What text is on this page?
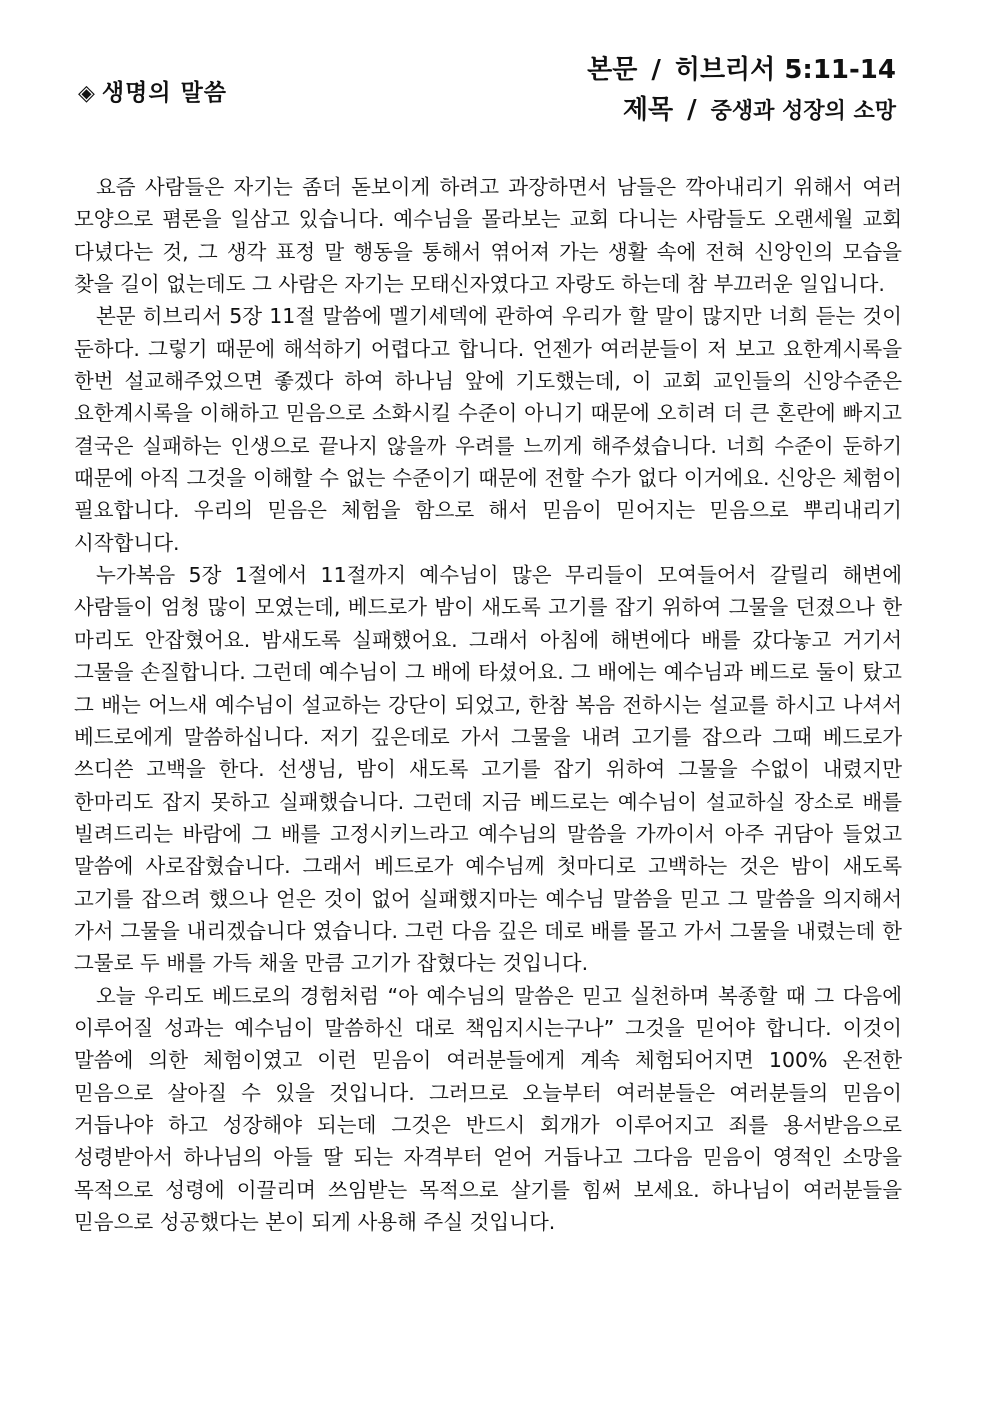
◈ 생명의 말씀
본문 / 히브리서 5:11-14
제목 / 중생과 성장의 소망

요즘 사람들은 자기는 좀더 돋보이게 하려고 과장하면서 남들은 깍아내리기 위해서 여러 모양으로 폄론을 일삼고 있습니다. 예수님을 몰라보는 교회 다니는 사람들도 오랜세월 교회 다녔다는 것, 그 생각 표정 말 행동을 통해서 엮어져 가는 생활 속에 전혀 신앙인의 모습을 찾을 길이 없는데도 그 사람은 자기는 모태신자였다고 자랑도 하는데 참 부끄러운 일입니다.

본문 히브리서 5장 11절 말씀에 멜기세덱에 관하여 우리가 할 말이 많지만 너희 듣는 것이 둔하다. 그렇기 때문에 해석하기 어렵다고 합니다. 언젠가 여러분들이 저 보고 요한계시록을 한번 설교해주었으면 좋겠다 하여 하나님 앞에 기도했는데, 이 교회 교인들의 신앙수준은 요한계시록을 이해하고 믿음으로 소화시킬 수준이 아니기 때문에 오히려 더 큰 혼란에 빠지고 결국은 실패하는 인생으로 끝나지 않을까 우려를 느끼게 해주셨습니다. 너희 수준이 둔하기 때문에 아직 그것을 이해할 수 없는 수준이기 때문에 전할 수가 없다 이거에요. 신앙은 체험이 필요합니다. 우리의 믿음은 체험을 함으로 해서 믿음이 믿어지는 믿음으로 뿌리내리기 시작합니다.

누가복음 5장 1절에서 11절까지 예수님이 많은 무리들이 모여들어서 갈릴리 해변에 사람들이 엄청 많이 모였는데, 베드로가 밤이 새도록 고기를 잡기 위하여 그물을 던졌으나 한 마리도 안잡혔어요. 밤새도록 실패했어요. 그래서 아침에 해변에다 배를 갔다놓고 거기서 그물을 손질합니다. 그런데 예수님이 그 배에 타셨어요. 그 배에는 예수님과 베드로 둘이 탔고 그 배는 어느새 예수님이 설교하는 강단이 되었고, 한참 복음 전하시는 설교를 하시고 나셔서 베드로에게 말씀하십니다. 저기 깊은데로 가서 그물을 내려 고기를 잡으라 그때 베드로가 쓰디쓴 고백을 한다. 선생님, 밤이 새도록 고기를 잡기 위하여 그물을 수없이 내렸지만 한마리도 잡지 못하고 실패했습니다. 그런데 지금 베드로는 예수님이 설교하실 장소로 배를 빌려드리는 바람에 그 배를 고정시키느라고 예수님의 말씀을 가까이서 아주 귀담아 들었고 말씀에 사로잡혔습니다. 그래서 베드로가 예수님께 첫마디로 고백하는 것은 밤이 새도록 고기를 잡으려 했으나 얻은 것이 없어 실패했지마는 예수님 말씀을 믿고 그 말씀을 의지해서 가서 그물을 내리겠습니다 였습니다. 그런 다음 깊은 데로 배를 몰고 가서 그물을 내렸는데 한 그물로 두 배를 가득 채울 만큼 고기가 잡혔다는 것입니다.

오늘 우리도 베드로의 경험처럼 “아 예수님의 말씀은 믿고 실천하며 복종할 때 그 다음에 이루어질 성과는 예수님이 말씀하신 대로 책임지시는구나” 그것을 믿어야 합니다. 이것이 말씀에 의한 체험이였고 이런 믿음이 여러분들에게 계속 체험되어지면 100% 온전한 믿음으로 살아질 수 있을 것입니다. 그러므로 오늘부터 여러분들은 여러분들의 믿음이 거듭나야 하고 성장해야 되는데 그것은 반드시 회개가 이루어지고 죄를 용서받음으로 성령받아서 하나님의 아들 딸 되는 자격부터 얻어 거듭나고 그다음 믿음이 영적인 소망을 목적으로 성령에 이끌리며 쓰임받는 목적으로 살기를 힘써 보세요. 하나님이 여러분들을 믿음으로 성공했다는 본이 되게 사용해 주실 것입니다.
